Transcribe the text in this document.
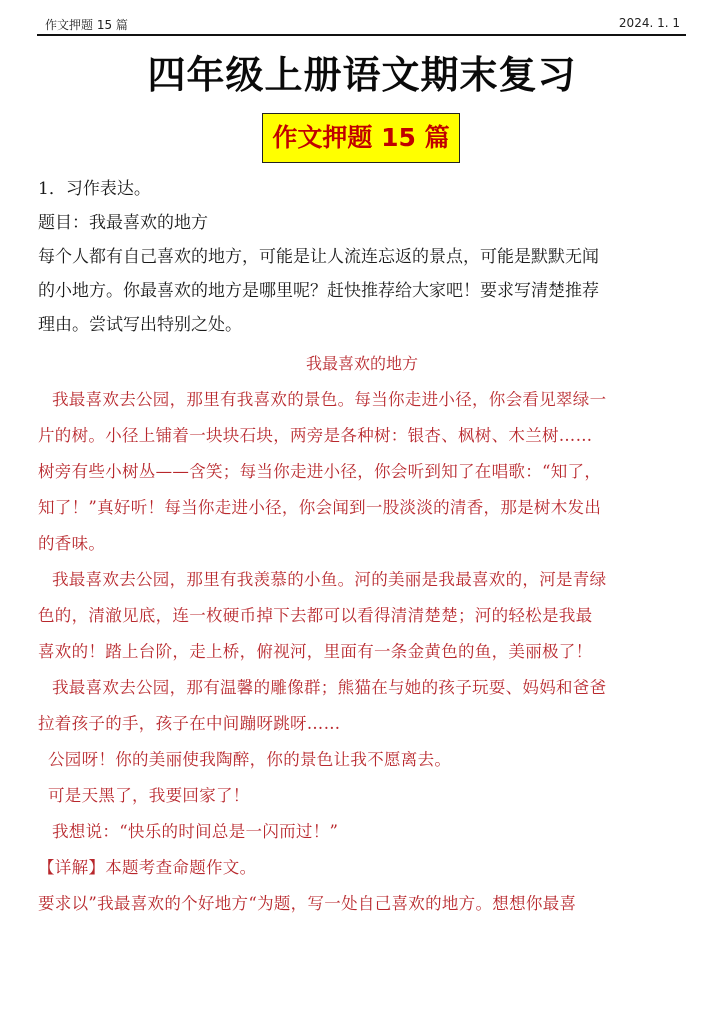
作文押题 15 篇	2024. 1. 1
四年级上册语文期末复习
作文押题 15 篇
1．习作表达。
题目：我最喜欢的地方
每个人都有自己喜欢的地方，可能是让人流连忘返的景点，可能是默默无闻
的小地方。你最喜欢的地方是哪里呢？赶快推荐给大家吧！要求写清楚推荐
理由。尝试写出特别之处。
我最喜欢的地方
我最喜欢去公园，那里有我喜欢的景色。每当你走进小径，你会看见翠绿一
片的树。小径上铺着一块块石块，两旁是各种树：银杏、枫树、木兰树……
树旁有些小树丛——含笑；每当你走进小径，你会听到知了在唱歌：“知了，
知了！”真好听！每当你走进小径，你会闻到一股淡淡的清香，那是树木发出
的香味。
我最喜欢去公园，那里有我羡慕的小鱼。河的美丽是我最喜欢的，河是青绿
色的，清澈见底，连一枚硬币掉下去都可以看得清清楚楚；河的轻松是我最
喜欢的！踏上台阶，走上桥，俯视河，里面有一条金黄色的鱼，美丽极了！
我最喜欢去公园，那有温馨的雕像群；熊猫在与她的孩子玩耍、妈妈和爸爸
拉着孩子的手，孩子在中间蹦呀跳呀……
公园呀！你的美丽使我陶醉，你的景色让我不愿离去。
可是天黑了，我要回家了！
我想说：“快乐的时间总是一闪而过！”
【详解】本题考查命题作文。
要求以”我最喜欢的个好地方“为题，写一处自己喜欢的地方。想想你最喜
